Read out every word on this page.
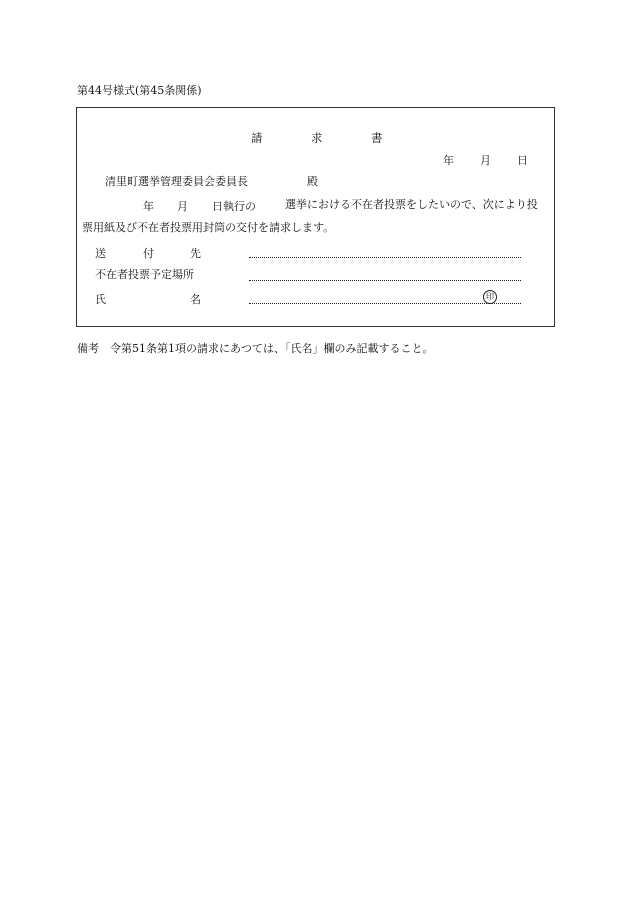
第44号様式(第45条関係)
請	求	書
年 月 日
清里町選挙管理委員会委員長	殿
年 月 日執行の	選挙における不在者投票をしたいので、次により投
票用紙及び不在者投票用封筒の交付を請求します。
送	付	先
不在者投票予定場所
氏	名	印
備考　令第51条第1項の請求にあつては、「氏名」欄のみ記載すること。
